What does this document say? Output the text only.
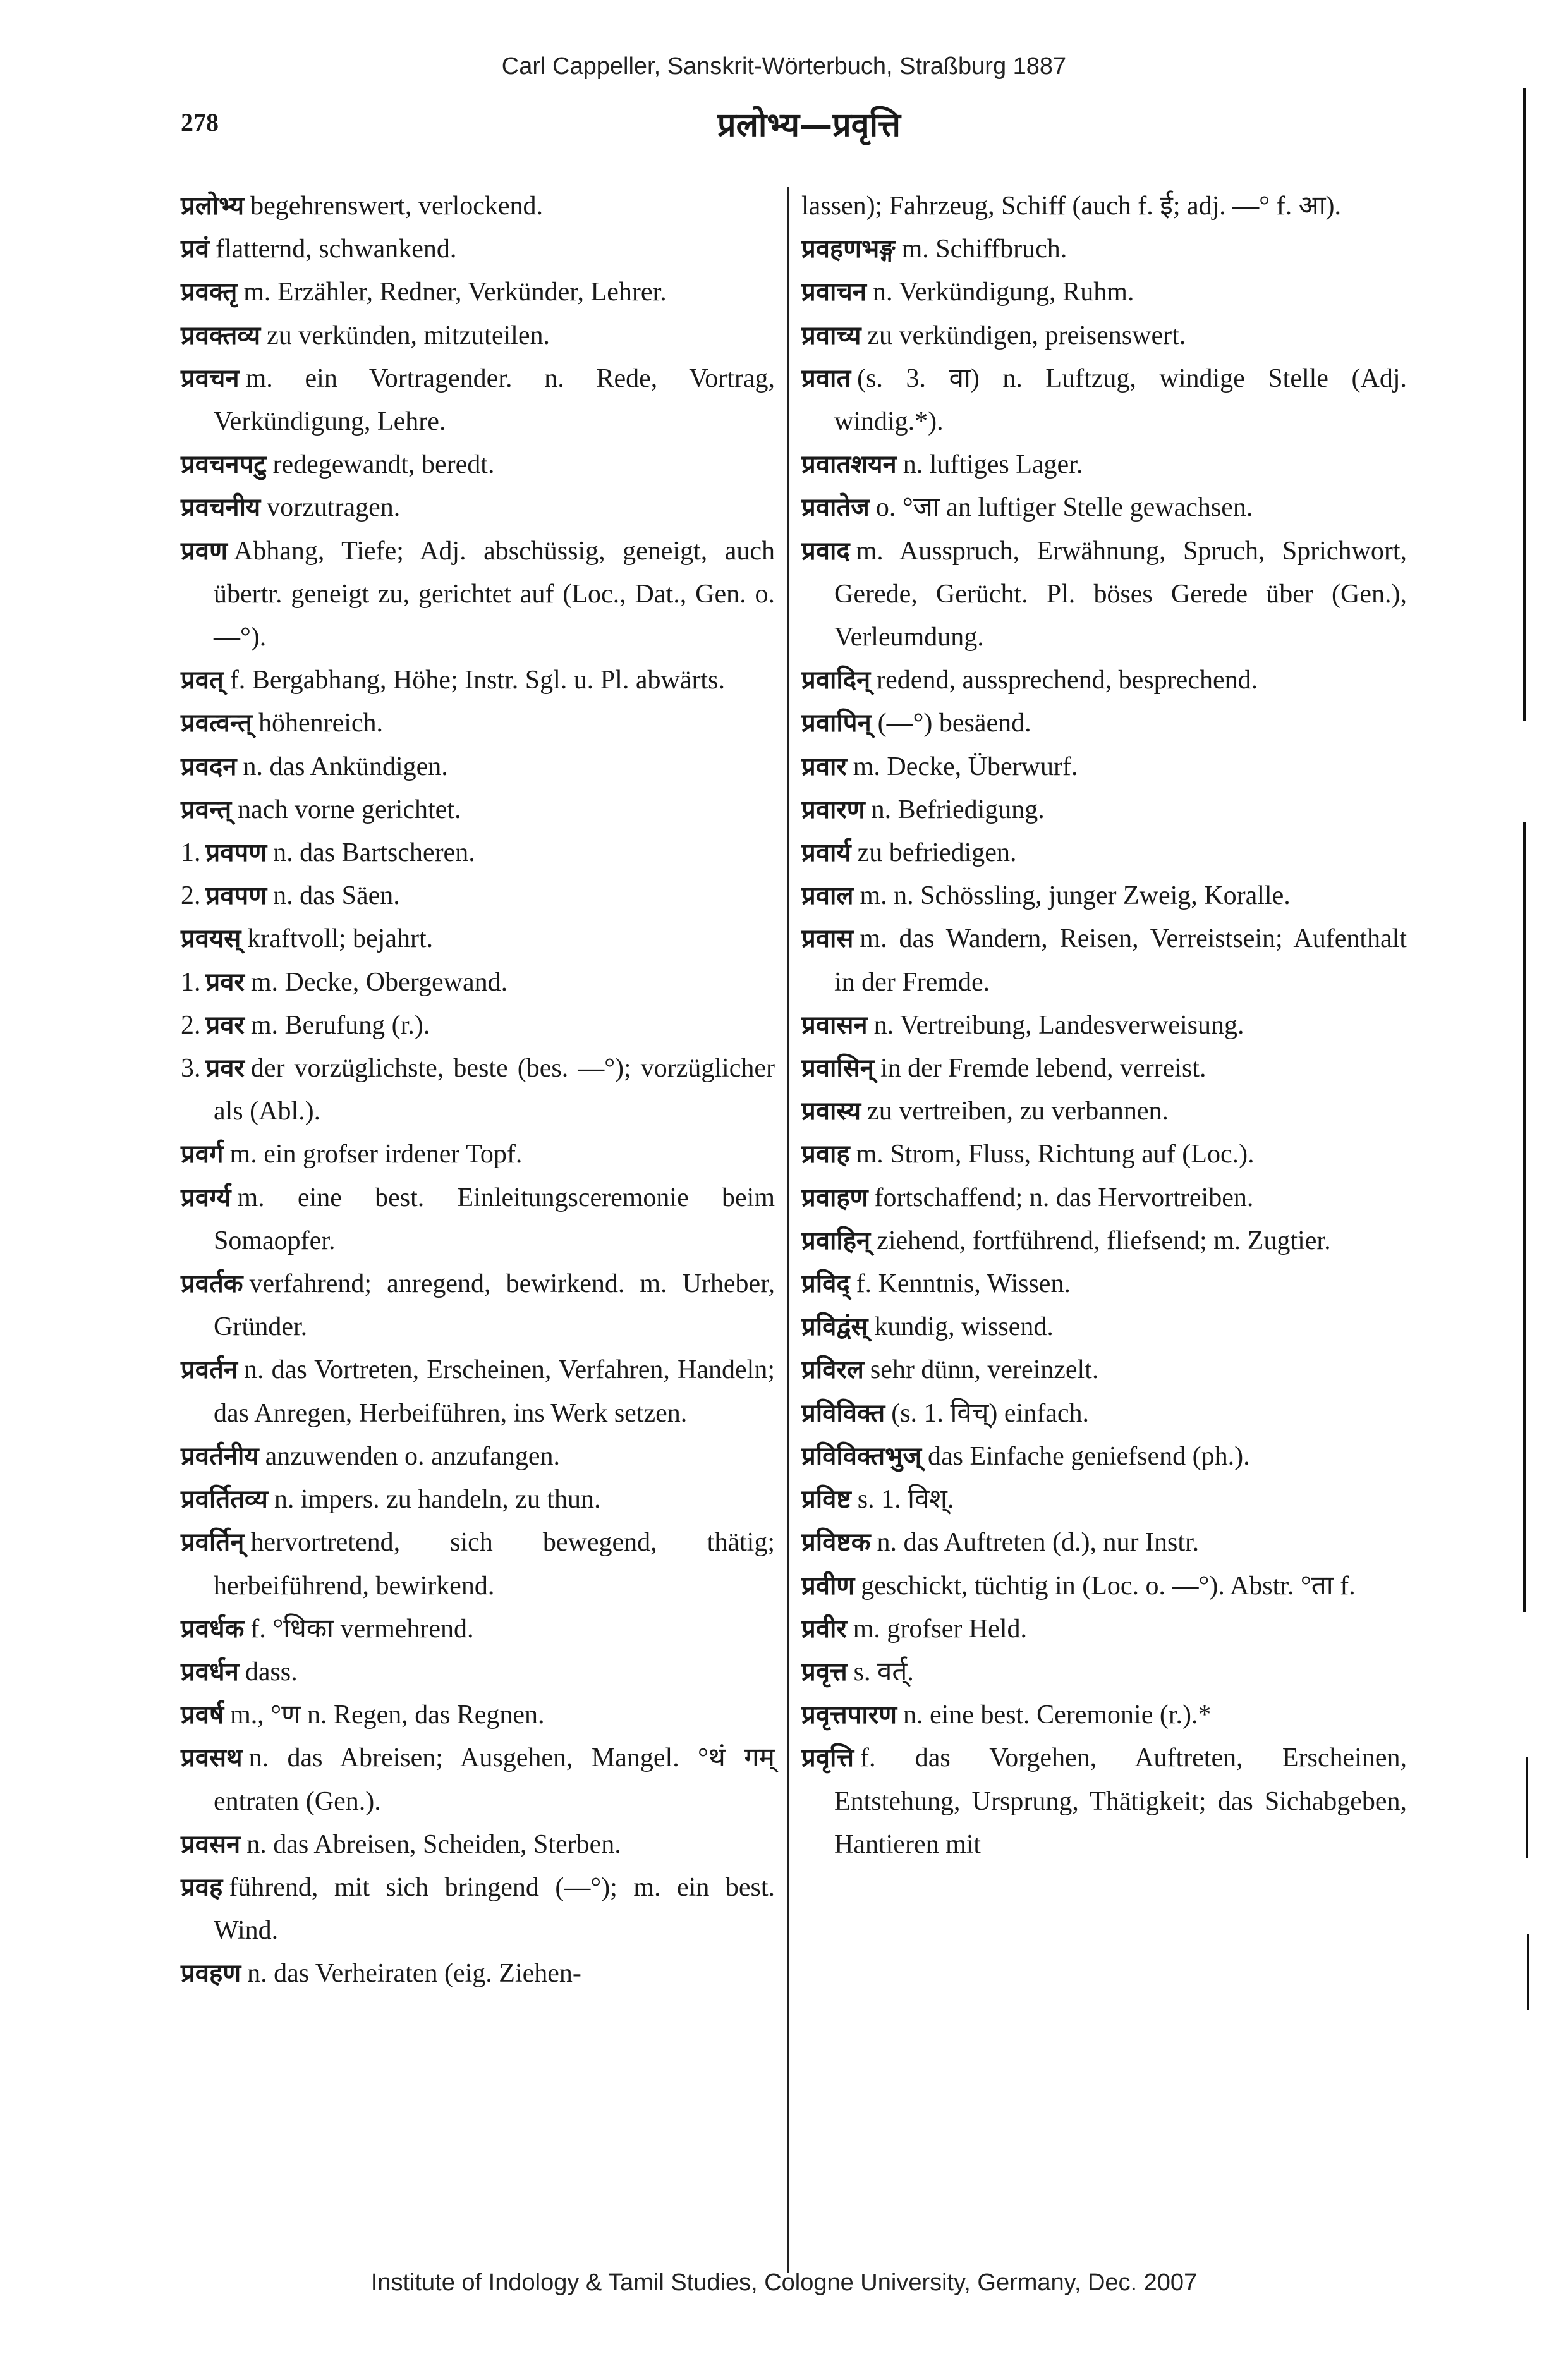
Carl Cappeller, Sanskrit-Wörterbuch, Straßburg 1887
278	प्रलोभ्य—प्रवृत्ति

प्रलोभ्य begehrenswert, verlockend.

प्रवं flatternd, schwankend.

प्रवक्तृ m. Erzähler, Redner, Verkünder, Lehrer.

प्रवक्तव्य zu verkünden, mitzuteilen.

प्रवचन m. ein Vortragender. n. Rede, Vortrag, Verkündigung, Lehre.

प्रवचनपटु redegewandt, beredt.

प्रवचनीय vorzutragen.

प्रवण Abhang, Tiefe; Adj. abschüssig, geneigt, auch übertr. geneigt zu, gerichtet auf (Loc., Dat., Gen. o. —°).

प्रवत् f. Bergabhang, Höhe; Instr. Sgl. u. Pl. abwärts.

प्रवत्वन्त् höhenreich.

प्रवदन n. das Ankündigen.

प्रवन्त् nach vorne gerichtet.

1. प्रवपण n. das Bartscheren.

2. प्रवपण n. das Säen.

प्रवयस् kraftvoll; bejahrt.

1. प्रवर m. Decke, Obergewand.

2. प्रवर m. Berufung (r.).

3. प्रवर der vorzüglichste, beste (bes. —°); vorzüglicher als (Abl.).

प्रवर्ग m. ein grofser irdener Topf.

प्रवर्ग्य m. eine best. Einleitungsceremonie beim Somaopfer.

प्रवर्तक verfahrend; anregend, bewirkend. m. Urheber, Gründer.

प्रवर्तन n. das Vortreten, Erscheinen, Verfahren, Handeln; das Anregen, Herbeiführen, ins Werk setzen.

प्रवर्तनीय anzuwenden o. anzufangen.

प्रवर्तितव्य n. impers. zu handeln, zu thun.

प्रवर्तिन् hervortretend, sich bewegend, thätig; herbeiführend, bewirkend.

प्रवर्धक f. °धिका vermehrend.

प्रवर्धन dass.

प्रवर्ष m., °ण n. Regen, das Regnen.

प्रवसथ n. das Abreisen; Ausgehen, Mangel. °थं गम् entraten (Gen.).

प्रवसन n. das Abreisen, Scheiden, Sterben.

प्रवह führend, mit sich bringend (—°); m. ein best. Wind.

प्रवहण n. das Verheiraten (eig. Ziehen-

lassen); Fahrzeug, Schiff (auch f. ई; adj. —° f. आ).

प्रवहणभङ्ग m. Schiffbruch.

प्रवाचन n. Verkündigung, Ruhm.

प्रवाच्य zu verkündigen, preisenswert.

प्रवात (s. 3. वा) n. Luftzug, windige Stelle (Adj. windig.*).

प्रवातशयन n. luftiges Lager.

प्रवातेज o. °जा an luftiger Stelle gewachsen.

प्रवाद m. Ausspruch, Erwähnung, Spruch, Sprichwort, Gerede, Gerücht. Pl. böses Gerede über (Gen.), Verleumdung.

प्रवादिन् redend, aussprechend, besprechend.

प्रवापिन् (—°) besäend.

प्रवार m. Decke, Überwurf.

प्रवारण n. Befriedigung.

प्रवार्य zu befriedigen.

प्रवाल m. n. Schössling, junger Zweig, Koralle.

प्रवास m. das Wandern, Reisen, Verreistsein; Aufenthalt in der Fremde.

प्रवासन n. Vertreibung, Landesverweisung.

प्रवासिन् in der Fremde lebend, verreist.

प्रवास्य zu vertreiben, zu verbannen.

प्रवाह m. Strom, Fluss, Richtung auf (Loc.).

प्रवाहण fortschaffend; n. das Hervortreiben.

प्रवाहिन् ziehend, fortführend, fliefsend; m. Zugtier.

प्रविद् f. Kenntnis, Wissen.

प्रविद्वंस् kundig, wissend.

प्रविरल sehr dünn, vereinzelt.

प्रविविक्त (s. 1. विच्) einfach.

प्रविविक्तभुज् das Einfache geniefsend (ph.).

प्रविष्ट s. 1. विश्.

प्रविष्टक n. das Auftreten (d.), nur Instr.

प्रवीण geschickt, tüchtig in (Loc. o. —°). Abstr. °ता f.

प्रवीर m. grofser Held.

प्रवृत्त s. वर्त्.

प्रवृत्तपारण n. eine best. Ceremonie (r.).*

प्रवृत्ति f. das Vorgehen, Auftreten, Erscheinen, Entstehung, Ursprung, Thätigkeit; das Sichabgeben, Hantieren mit

Institute of Indology & Tamil Studies, Cologne University, Germany, Dec. 2007
